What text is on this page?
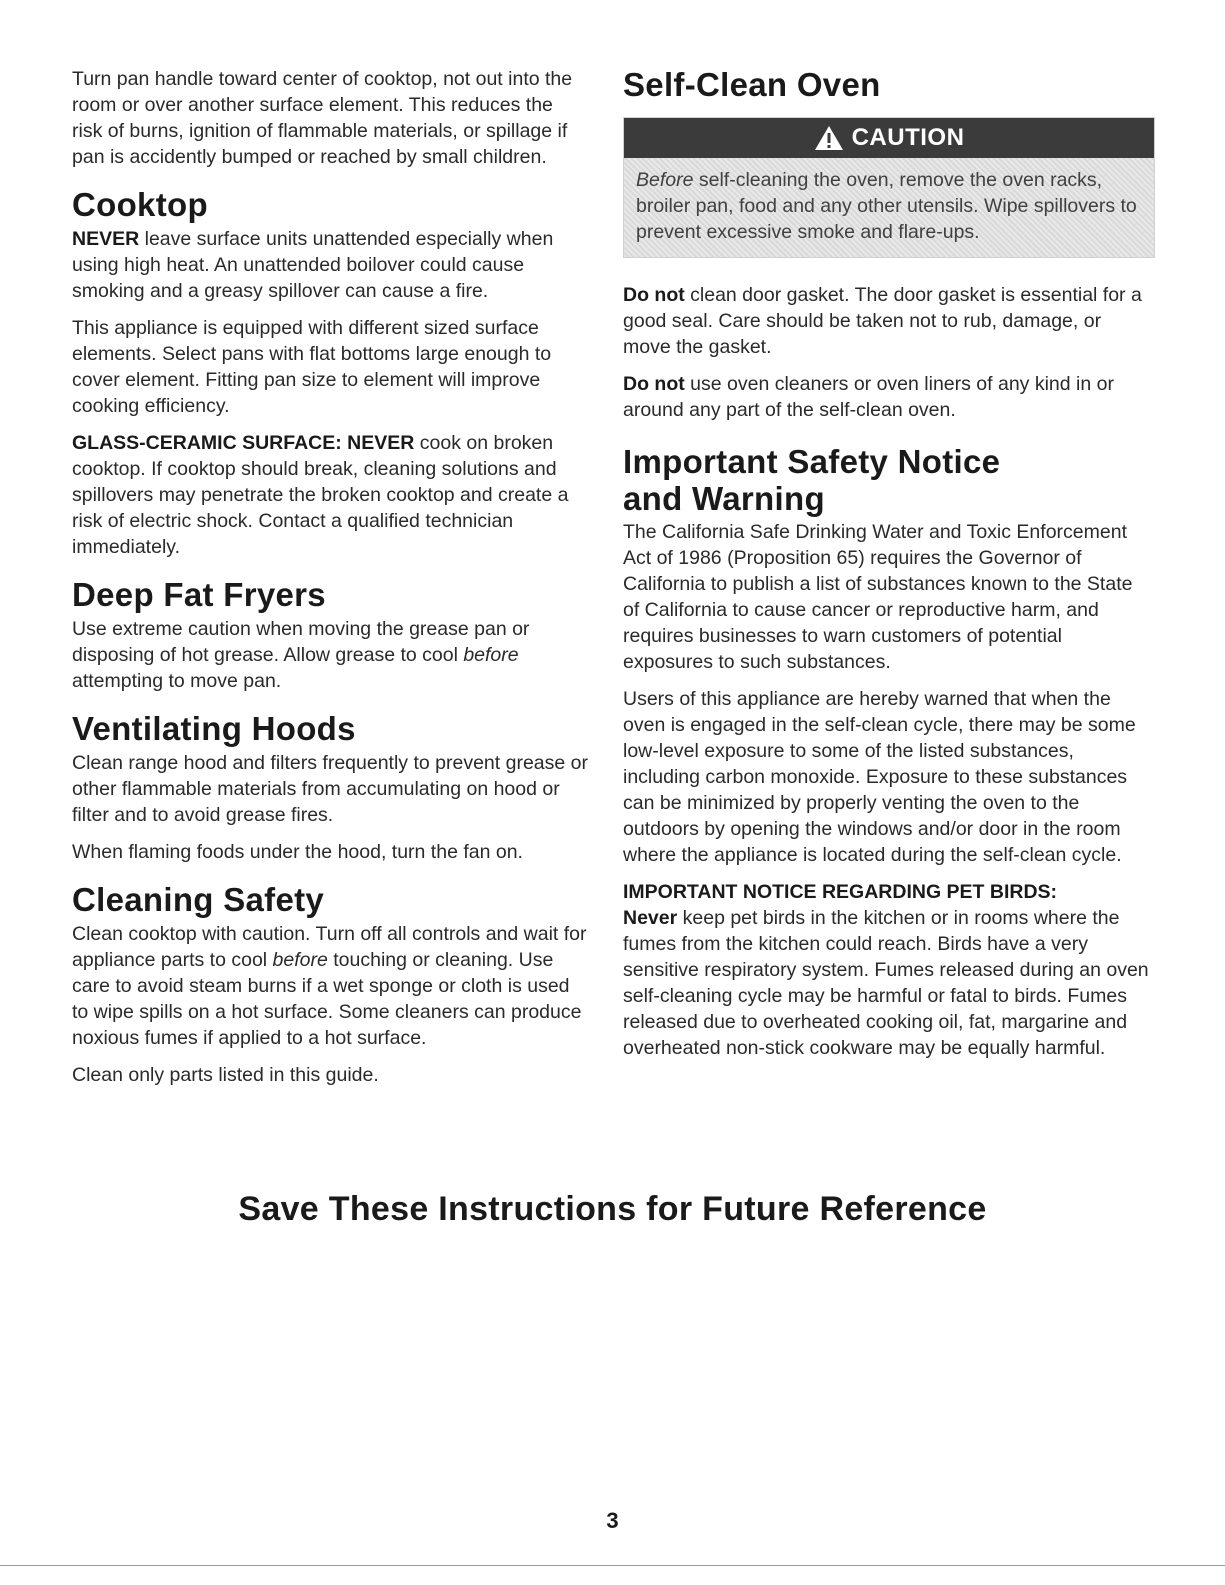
Turn pan handle toward center of cooktop, not out into the room or over another surface element. This reduces the risk of burns, ignition of flammable materials, or spillage if pan is accidently bumped or reached by small children.

Cooktop

NEVER leave surface units unattended especially when using high heat. An unattended boilover could cause smoking and a greasy spillover can cause a fire.

This appliance is equipped with different sized surface elements. Select pans with flat bottoms large enough to cover element. Fitting pan size to element will improve cooking efficiency.

GLASS-CERAMIC SURFACE: NEVER cook on broken cooktop. If cooktop should break, cleaning solutions and spillovers may penetrate the broken cooktop and create a risk of electric shock. Contact a qualified technician immediately.

Deep Fat Fryers

Use extreme caution when moving the grease pan or disposing of hot grease. Allow grease to cool before attempting to move pan.

Ventilating Hoods

Clean range hood and filters frequently to prevent grease or other flammable materials from accumulating on hood or filter and to avoid grease fires.

When flaming foods under the hood, turn the fan on.

Cleaning Safety

Clean cooktop with caution. Turn off all controls and wait for appliance parts to cool before touching or cleaning. Use care to avoid steam burns if a wet sponge or cloth is used to wipe spills on a hot surface. Some cleaners can produce noxious fumes if applied to a hot surface.

Clean only parts listed in this guide.

Self-Clean Oven
CAUTION
Before self-cleaning the oven, remove the oven racks, broiler pan, food and any other utensils. Wipe spillovers to prevent excessive smoke and flare-ups.

Do not clean door gasket. The door gasket is essential for a good seal. Care should be taken not to rub, damage, or move the gasket.

Do not use oven cleaners or oven liners of any kind in or around any part of the self-clean oven.

Important Safety Notice
and Warning

The California Safe Drinking Water and Toxic Enforcement Act of 1986 (Proposition 65) requires the Governor of California to publish a list of substances known to the State of California to cause cancer or reproductive harm, and requires businesses to warn customers of potential exposures to such substances.

Users of this appliance are hereby warned that when the oven is engaged in the self-clean cycle, there may be some low-level exposure to some of the listed substances, including carbon monoxide. Exposure to these substances can be minimized by properly venting the oven to the outdoors by opening the windows and/or door in the room where the appliance is located during the self-clean cycle.

IMPORTANT NOTICE REGARDING PET BIRDS:
Never keep pet birds in the kitchen or in rooms where the fumes from the kitchen could reach. Birds have a very sensitive respiratory system. Fumes released during an oven self-cleaning cycle may be harmful or fatal to birds. Fumes released due to overheated cooking oil, fat, margarine and overheated non-stick cookware may be equally harmful.

Save These Instructions for Future Reference
3
